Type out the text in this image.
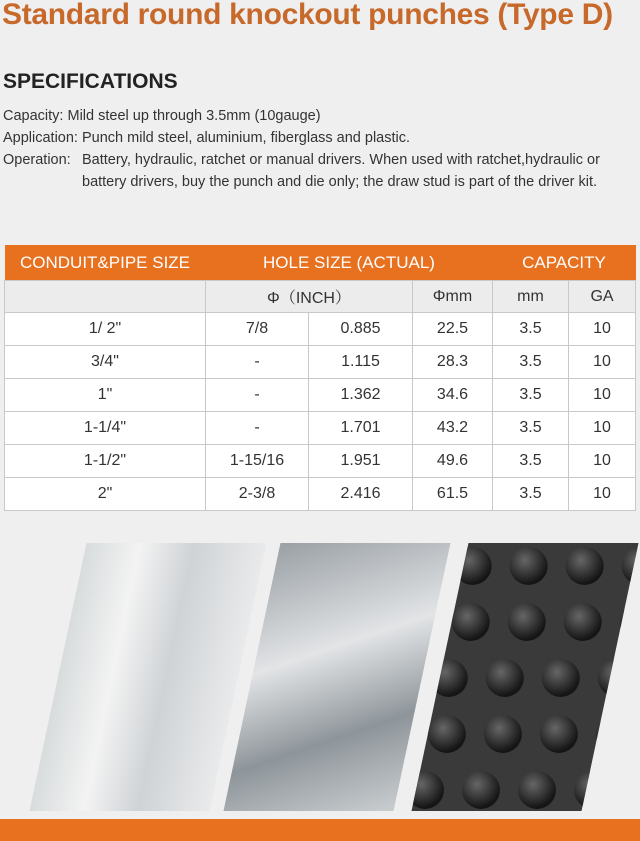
Standard round knockout punches (Type D)
SPECIFICATIONS
Capacity:
Mild steel up through 3.5mm (10gauge)
Application:
Punch mild steel, aluminium, fiberglass and plastic.
Operation: Battery, hydraulic, ratchet or manual drivers. When used with ratchet,hydraulic or
battery drivers, buy the punch and die only; the draw stud is part of the driver kit.
CONDUIT&PIPE SIZE	HOLE SIZE (ACTUAL)			CAPACITY	
	Φ（INCH）		Φmm	mm	GA
1/ 2"	7/8	0.885	22.5	3.5	10
3/4"	-	1.115	28.3	3.5	10
1"	-	1.362	34.6	3.5	10
1-1/4"	-	1.701	43.2	3.5	10
1-1/2"	1-15/16	1.951	49.6	3.5	10
2"	2-3/8	2.416	61.5	3.5	10
